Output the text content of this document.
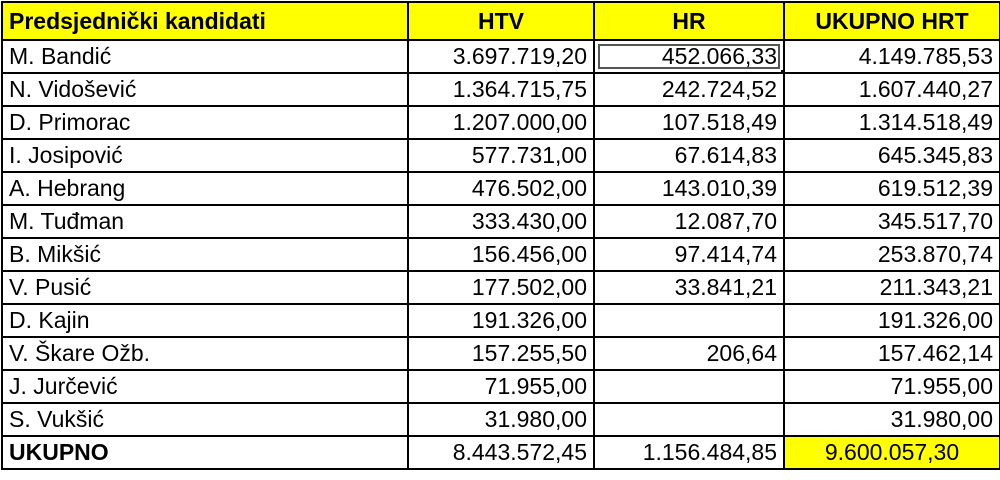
Predsjednički kandidati	HTV	HR	UKUPNO HRT
M. Bandić	3.697.719,20	452.066,33	4.149.785,53
N. Vidošević	1.364.715,75	242.724,52	1.607.440,27
D. Primorac	1.207.000,00	107.518,49	1.314.518,49
I. Josipović	577.731,00	67.614,83	645.345,83
A. Hebrang	476.502,00	143.010,39	619.512,39
M. Tuđman	333.430,00	12.087,70	345.517,70
B. Mikšić	156.456,00	97.414,74	253.870,74
V. Pusić	177.502,00	33.841,21	211.343,21
D. Kajin	191.326,00		191.326,00
V. Škare Ožb.	157.255,50	206,64	157.462,14
J. Jurčević	71.955,00		71.955,00
S. Vukšić	31.980,00		31.980,00
UKUPNO	8.443.572,45	1.156.484,85	9.600.057,30
